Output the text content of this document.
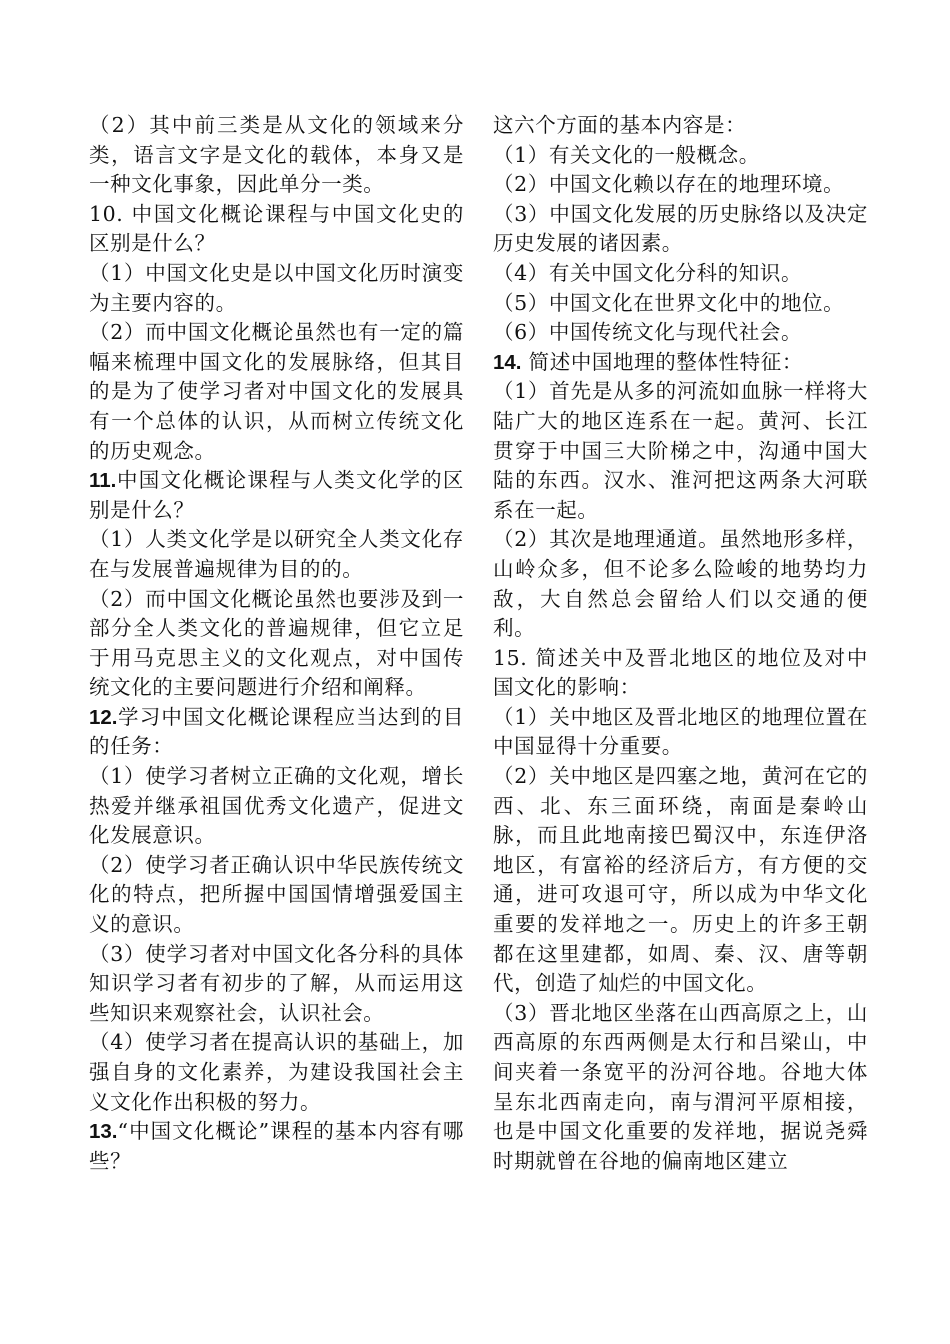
（2）其中前三类是从文化的领域来分类，语言文字是文化的载体，本身又是一种文化事象，因此单分一类。

10. 中国文化概论课程与中国文化史的区别是什么？

（1）中国文化史是以中国文化历时演变为主要内容的。

（2）而中国文化概论虽然也有一定的篇幅来梳理中国文化的发展脉络，但其目的是为了使学习者对中国文化的发展具有一个总体的认识，从而树立传统文化的历史观念。

11.中国文化概论课程与人类文化学的区别是什么？

（1）人类文化学是以研究全人类文化存在与发展普遍规律为目的的。

（2）而中国文化概论虽然也要涉及到一部分全人类文化的普遍规律，但它立足于用马克思主义的文化观点，对中国传统文化的主要问题进行介绍和阐释。

12.学习中国文化概论课程应当达到的目的任务：

（1）使学习者树立正确的文化观，增长热爱并继承祖国优秀文化遗产，促进文化发展意识。

（2）使学习者正确认识中华民族传统文化的特点，把所握中国国情增强爱国主义的意识。

（3）使学习者对中国文化各分科的具体知识学习者有初步的了解，从而运用这些知识来观察社会，认识社会。

（4）使学习者在提高认识的基础上，加强自身的文化素养，为建设我国社会主义文化作出积极的努力。

13.“中国文化概论”课程的基本内容有哪些？

这六个方面的基本内容是：

（1）有关文化的一般概念。

（2）中国文化赖以存在的地理环境。

（3）中国文化发展的历史脉络以及决定历史发展的诸因素。

（4）有关中国文化分科的知识。

（5）中国文化在世界文化中的地位。

（6）中国传统文化与现代社会。

14. 简述中国地理的整体性特征：

（1）首先是从多的河流如血脉一样将大陆广大的地区连系在一起。黄河、长江贯穿于中国三大阶梯之中，沟通中国大陆的东西。汉水、淮河把这两条大河联系在一起。

（2）其次是地理通道。虽然地形多样，山岭众多，但不论多么险峻的地势均力敌，大自然总会留给人们以交通的便利。

15. 简述关中及晋北地区的地位及对中国文化的影响：

（1）关中地区及晋北地区的地理位置在中国显得十分重要。

（2）关中地区是四塞之地，黄河在它的西、北、东三面环绕，南面是秦岭山脉，而且此地南接巴蜀汉中，东连伊洛地区，有富裕的经济后方，有方便的交通，进可攻退可守，所以成为中华文化重要的发祥地之一。历史上的许多王朝都在这里建都，如周、秦、汉、唐等朝代，创造了灿烂的中国文化。

（3）晋北地区坐落在山西高原之上，山西高原的东西两侧是太行和吕梁山，中间夹着一条宽平的汾河谷地。谷地大体呈东北西南走向，南与渭河平原相接，也是中国文化重要的发祥地，据说尧舜时期就曾在谷地的偏南地区建立
